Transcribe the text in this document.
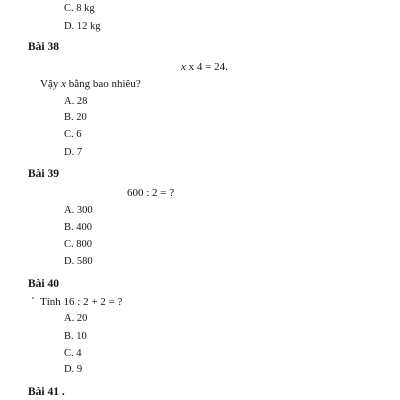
C. 8 kg
D. 12 kg
Bài 38
x x 4 = 24.
Vậy x bằng bao nhiêu?
A. 28
B. 20
C. 6
D. 7
Bài 39
600 : 2 = ?
A. 300
B. 400
C. 800
D. 580
Bài 40
Tính 16 : 2 + 2 = ?
A. 20
B. 10
C. 4
D. 9
Bài 41 .
